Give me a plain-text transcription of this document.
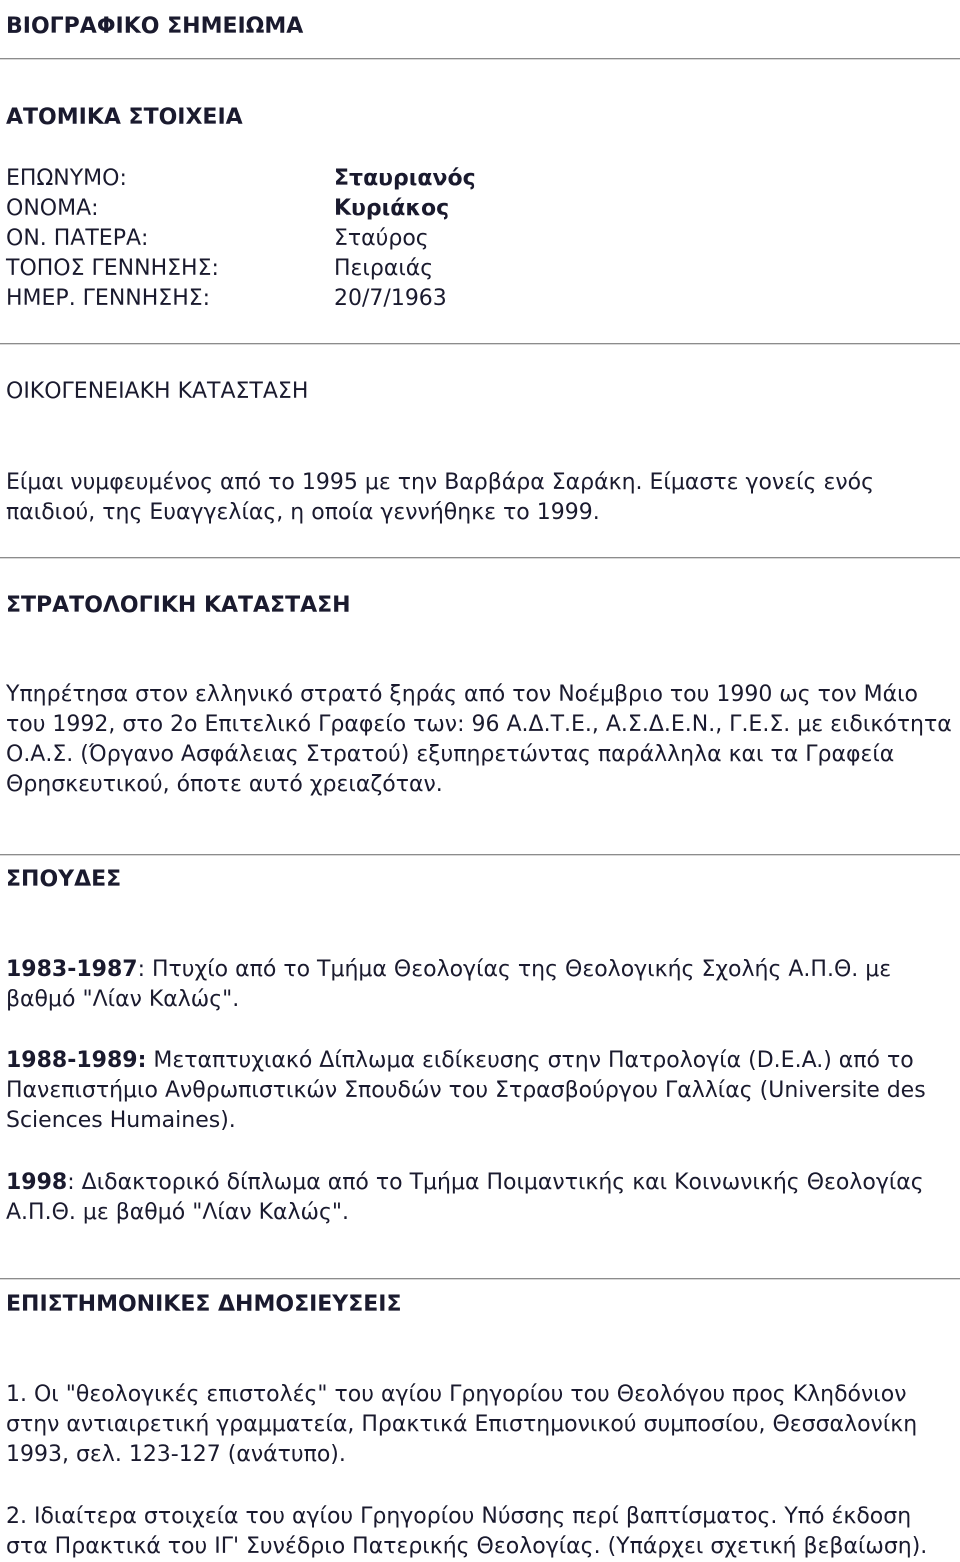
ΒΙΟΓΡΑΦΙΚΟ ΣΗΜΕΙΩΜΑ
ΑΤΟΜΙΚΑ ΣΤΟΙΧΕΙΑ
ΕΠΩΝΥΜΟ:	Σταυριανός
ΟΝΟΜΑ:	Κυριάκος
ΟΝ. ΠΑΤΕΡΑ:	Σταύρος
ΤΟΠΟΣ ΓΕΝΝΗΣΗΣ:	Πειραιάς
ΗΜΕΡ. ΓΕΝΝΗΣΗΣ:	20/7/1963
ΟΙΚΟΓΕΝΕΙΑΚΗ ΚΑΤΑΣΤΑΣΗ

Είμαι νυμφευμένος από το 1995 με την Βαρβάρα Σαράκη. Είμαστε γονείς ενός παιδιού, της Ευαγγελίας, η οποία γεννήθηκε το 1999.

ΣΤΡΑΤΟΛΟΓΙΚΗ ΚΑΤΑΣΤΑΣΗ

Υπηρέτησα στον ελληνικό στρατό ξηράς από τον Νοέμβριο του 1990 ως τον Μάιο του 1992, στο 2ο Επιτελικό Γραφείο των: 96 Α.Δ.Τ.Ε., Α.Σ.Δ.Ε.Ν., Γ.Ε.Σ. με ειδικότητα Ο.Α.Σ. (Όργανο Ασφάλειας Στρατού) εξυπηρετώντας παράλληλα και τα Γραφεία Θρησκευτικού, όποτε αυτό χρειαζόταν.

ΣΠΟΥΔΕΣ

1983-1987: Πτυχίο από το Τμήμα Θεολογίας της Θεολογικής Σχολής Α.Π.Θ. με βαθμό "Λίαν Καλώς".

1988-1989: Μεταπτυχιακό Δίπλωμα ειδίκευσης στην Πατρολογία (D.E.A.) από το Πανεπιστήμιο Ανθρωπιστικών Σπουδών του Στρασβούργου Γαλλίας (Universite des Sciences Humaines).

1998: Διδακτορικό δίπλωμα από το Τμήμα Ποιμαντικής και Κοινωνικής Θεολογίας Α.Π.Θ. με βαθμό "Λίαν Καλώς".

ΕΠΙΣΤΗΜΟΝΙΚΕΣ ΔΗΜΟΣΙΕΥΣΕΙΣ

1. Οι "θεολογικές επιστολές" του αγίου Γρηγορίου του Θεολόγου προς Κληδόνιον στην αντιαιρετική γραμματεία, Πρακτικά Επιστημονικού συμποσίου, Θεσσαλονίκη 1993, σελ. 123-127 (ανάτυπο).

2. Ιδιαίτερα στοιχεία του αγίου Γρηγορίου Νύσσης περί βαπτίσματος. Υπό έκδοση στα Πρακτικά του ΙΓ' Συνέδριο Πατερικής Θεολογίας. (Υπάρχει σχετική βεβαίωση).
